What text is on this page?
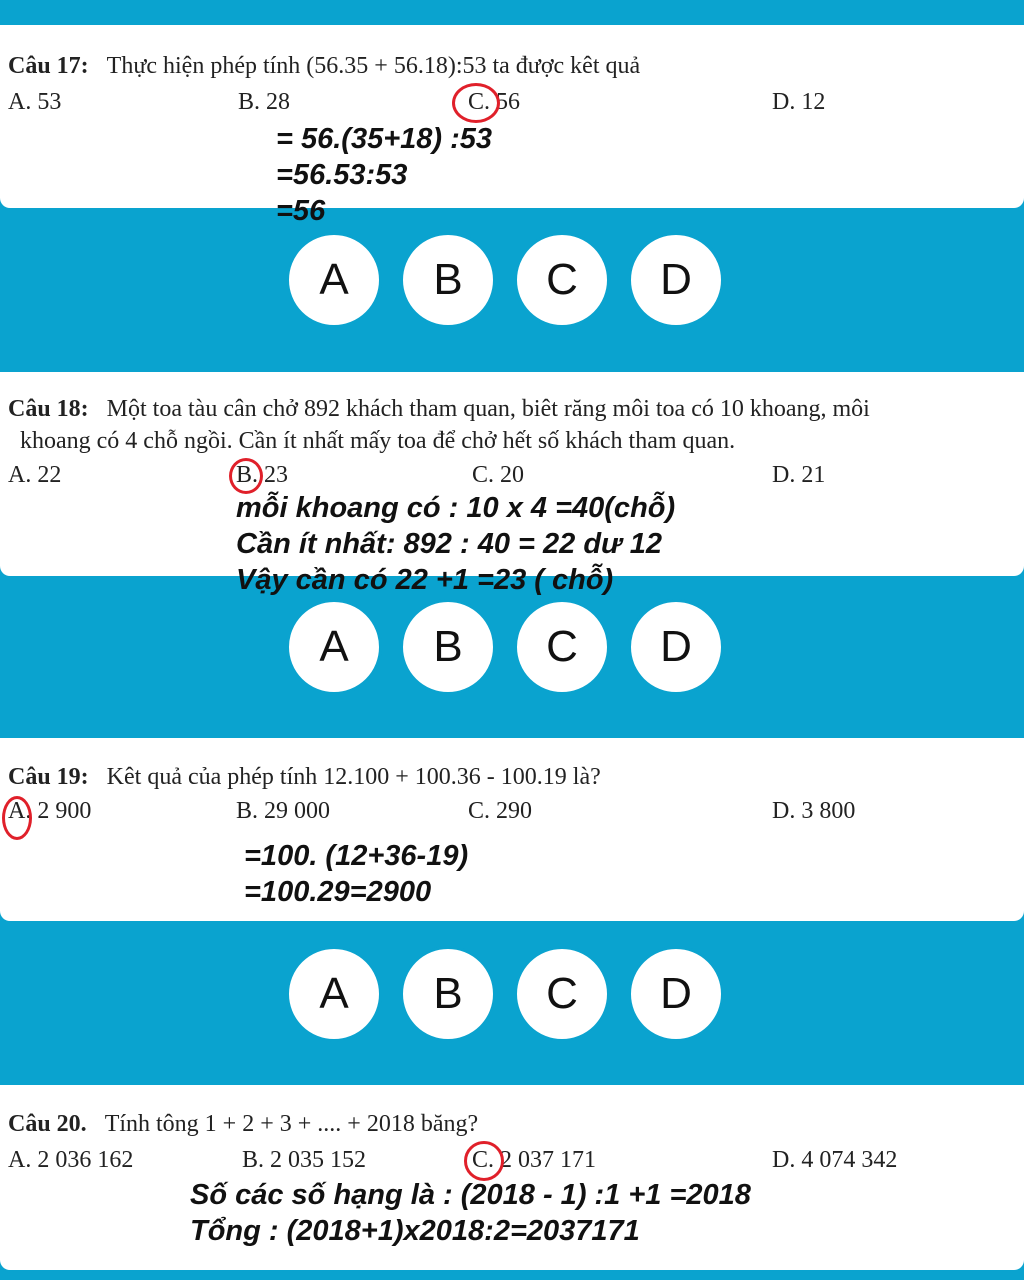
Câu 17: Thực hiện phép tính (56.35 + 56.18):53 ta được kêt quả
A. 53	B. 28	C. 56	D. 12
= 56.(35+18) :53
=56.53:53
=56
A	B	C	D
Câu 18: Một toa tàu cân chở 892 khách tham quan, biêt răng môi toa có 10 khoang, môi
khoang có 4 chỗ ngồi. Cần ít nhất mấy toa để chở hết số khách tham quan.
A. 22	B. 23	C. 20	D. 21
mỗi khoang có : 10 x 4 =40(chỗ)
Cần ít nhất: 892 : 40 = 22 dư 12
Vậy cần có 22 +1 =23 ( chỗ)
A	B	C	D
Câu 19: Kêt quả của phép tính 12.100 + 100.36 - 100.19 là?
A. 2 900	B. 29 000	C. 290	D. 3 800
=100. (12+36-19)
=100.29=2900
A	B	C	D
Câu 20. Tính tông 1 + 2 + 3 + .... + 2018 băng?
A. 2 036 162	B. 2 035 152	C. 2 037 171	D. 4 074 342
Số các số hạng là : (2018 - 1) :1 +1 =2018
Tổng : (2018+1)x2018:2=2037171
